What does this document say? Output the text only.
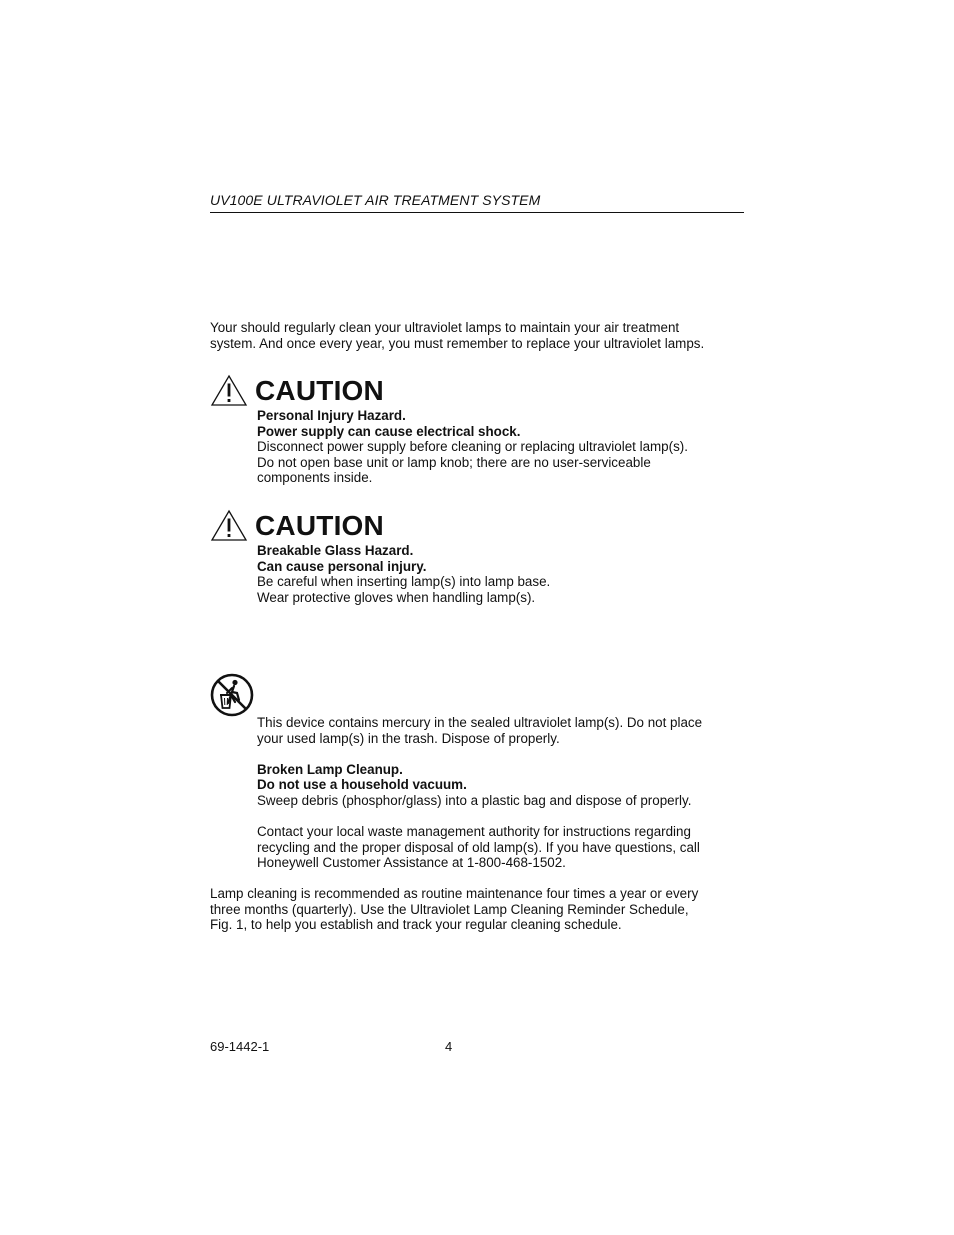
UV100E ULTRAVIOLET AIR TREATMENT SYSTEM
Your should regularly clean your ultraviolet lamps to maintain your air treatment
system. And once every year, you must remember to replace your ultraviolet lamps.
CAUTION
Personal Injury Hazard.
Power supply can cause electrical shock.
Disconnect power supply before cleaning or replacing ultraviolet lamp(s).
Do not open base unit or lamp knob; there are no user-serviceable
components inside.
CAUTION
Breakable Glass Hazard.
Can cause personal injury.
Be careful when inserting lamp(s) into lamp base.
Wear protective gloves when handling lamp(s).
This device contains mercury in the sealed ultraviolet lamp(s). Do not place
your used lamp(s) in the trash. Dispose of properly.
Broken Lamp Cleanup.
Do not use a household vacuum.
Sweep debris (phosphor/glass) into a plastic bag and dispose of properly.
Contact your local waste management authority for instructions regarding
recycling and the proper disposal of old lamp(s). If you have questions, call
Honeywell Customer Assistance at 1-800-468-1502.
Lamp cleaning is recommended as routine maintenance four times a year or every
three months (quarterly). Use the Ultraviolet Lamp Cleaning Reminder Schedule,
Fig. 1, to help you establish and track your regular cleaning schedule.
69-1442-1	4
